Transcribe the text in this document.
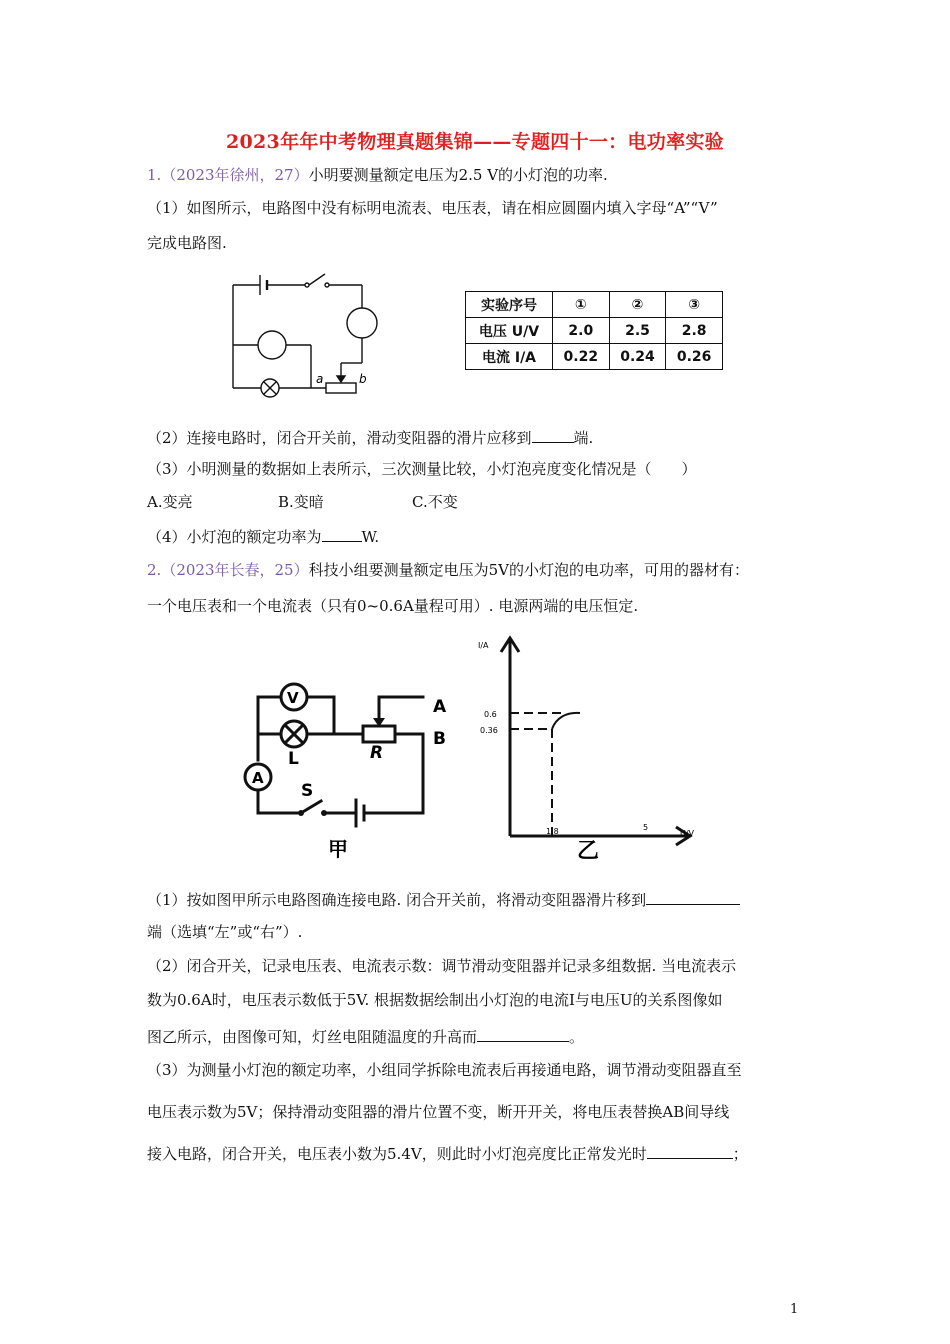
2023年年中考物理真题集锦——专题四十一：电功率实验
1.（2023年徐州，27）小明要测量额定电压为2.5 V的小灯泡的功率.
（1）如图所示，电路图中没有标明电流表、电压表，请在相应圆圈内填入字母“A”“V”
完成电路图.
a	b
实验序号	①	②	③
电压 U/V	2.0	2.5	2.8
电流 I/A	0.22	0.24	0.26
（2）连接电路时，闭合开关前，滑动变阻器的滑片应移到	端.
（3）小明测量的数据如上表所示，三次测量比较，小灯泡亮度变化情况是（　　）
A.变亮	B.变暗	C.不变
（4）小灯泡的额定功率为	W.
2.（2023年长春，25）科技小组要测量额定电压为5V的小灯泡的电功率，可用的器材有：
一个电压表和一个电流表（只有0~0.6A量程可用）. 电源两端的电压恒定.
V
L	R
A
S
A
B
甲
I/A
0.6
0.36
1.8	5
U/V
乙
（1）按如图甲所示电路图确连接电路. 闭合开关前，将滑动变阻器滑片移到
端（选填“左”或“右”）.
（2）闭合开关，记录电压表、电流表示数：调节滑动变阻器并记录多组数据. 当电流表示
数为0.6A时，电压表示数低于5V. 根据数据绘制出小灯泡的电流I与电压U的关系图像如
图乙所示，由图像可知，灯丝电阻随温度的升高而	。
（3）为测量小灯泡的额定功率，小组同学拆除电流表后再接通电路，调节滑动变阻器直至
电压表示数为5V；保持滑动变阻器的滑片位置不变，断开开关，将电压表替换AB间导线
接入电路，闭合开关，电压表小数为5.4V，则此时小灯泡亮度比正常发光时	；
1
